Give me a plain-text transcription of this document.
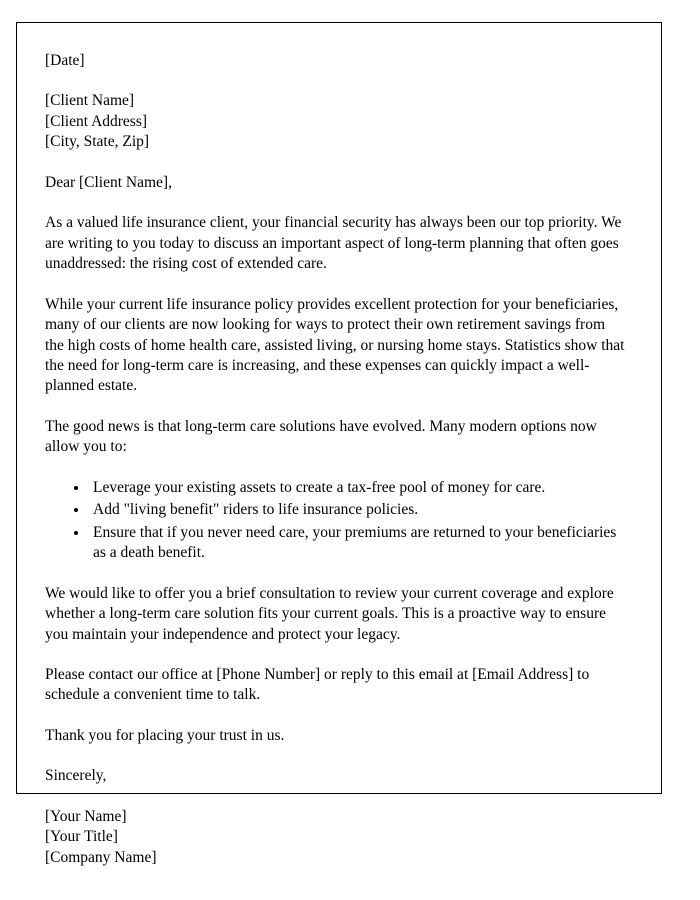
[Date]
[Client Name]
[Client Address]
[City, State, Zip]
Dear [Client Name],

As a valued life insurance client, your financial security has always been our top priority. We are writing to you today to discuss an important aspect of long-term planning that often goes unaddressed: the rising cost of extended care.

While your current life insurance policy provides excellent protection for your beneficiaries, many of our clients are now looking for ways to protect their own retirement savings from the high costs of home health care, assisted living, or nursing home stays. Statistics show that the need for long-term care is increasing, and these expenses can quickly impact a well-planned estate.

The good news is that long-term care solutions have evolved. Many modern options now allow you to:

• Leverage your existing assets to create a tax-free pool of money for care.
• Add "living benefit" riders to life insurance policies.
• Ensure that if you never need care, your premiums are returned to your beneficiaries as a death benefit.

We would like to offer you a brief consultation to review your current coverage and explore whether a long-term care solution fits your current goals. This is a proactive way to ensure you maintain your independence and protect your legacy.

Please contact our office at [Phone Number] or reply to this email at [Email Address] to schedule a convenient time to talk.

Thank you for placing your trust in us.

Sincerely,
[Your Name]
[Your Title]
[Company Name]
